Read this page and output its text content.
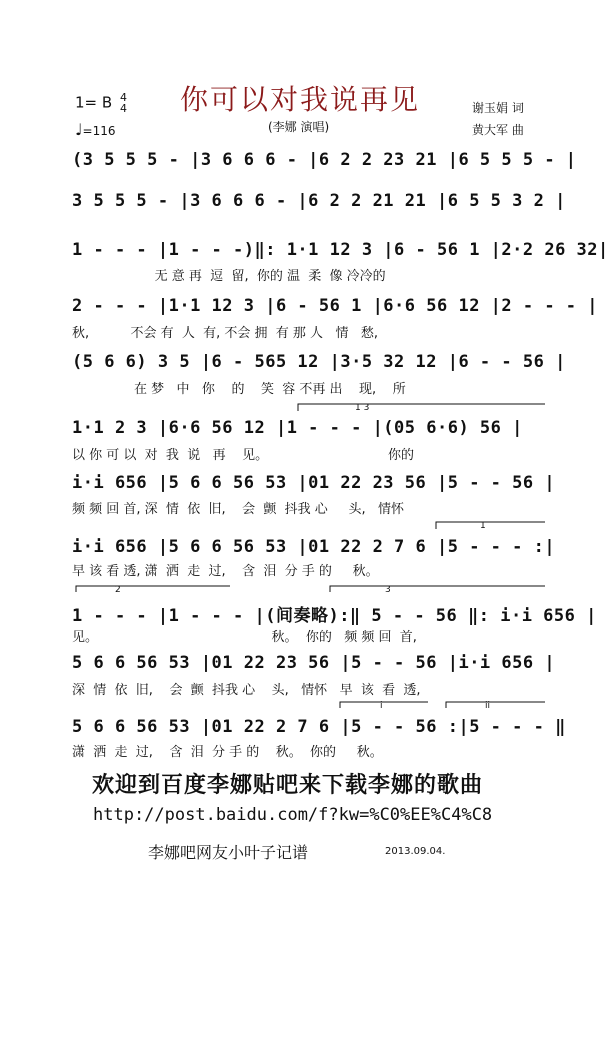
1= B 4
4
♩=116
你可以对我说再见
(李娜 演唱)
谢玉娟 词
黄大军 曲
(3 5 5 5 - |3 6 6 6 - |6 2 2 23 21 |6 5 5 5 - |
3 5 5 5 - |3 6 6 6 - |6 2 2 21 21 |6 5 5 3 2 |
1 - - - |1 - - -)‖: 1·1 12 3 |6 - 56 1 |2·2 26 32|
无 意 再  逗  留,  你的 温  柔  像 冷冷的
2 - - - |1·1 12 3 |6 - 56 1 |6·6 56 12 |2 - - - |
秋,          不会 有  人  有, 不会 拥  有 那 人   情   愁,
(5 6 6) 3 5 |6 - 565 12 |3·5 32 12 |6 - - 56 |
在 梦   中   你    的    笑  容 不再 出    现,    所
1·1 2 3 |6·6 56 12 |1 - - - |(05 6·6) 56 |
以 你 可 以  对  我  说   再    见。                             你的
i·i 656 |5 6 6 56 53 |01 22 23 56 |5 - - 56 |
频 频 回 首, 深  情  依  旧,    会  颤  抖我 心     头,   情怀
i·i 656 |5 6 6 56 53 |01 22 2 7 6 |5 - - - :|
早 该 看 透, 潇  洒  走  过,    含  泪  分 手 的     秋。
1 - - - |1 - - - |(间奏略):‖ 5 - - 56 ‖: i·i 656 |
见。                                          秋。  你的   频 频 回  首,
5 6 6 56 53 |01 22 23 56 |5 - - 56 |i·i 656 |
深  情  依  旧,    会  颤  抖我 心    头,   情怀   早  该  看  透,
5 6 6 56 53 |01 22 2 7 6 |5 - - 56 :|5 - - - ‖
潇  洒  走  过,    含  泪  分 手 的    秋。  你的     秋。
1 3
1
2	3
i	ii
欢迎到百度李娜贴吧来下载李娜的歌曲
http://post.baidu.com/f?kw=%C0%EE%C4%C8
李娜吧网友小叶子记谱	2013.09.04.
